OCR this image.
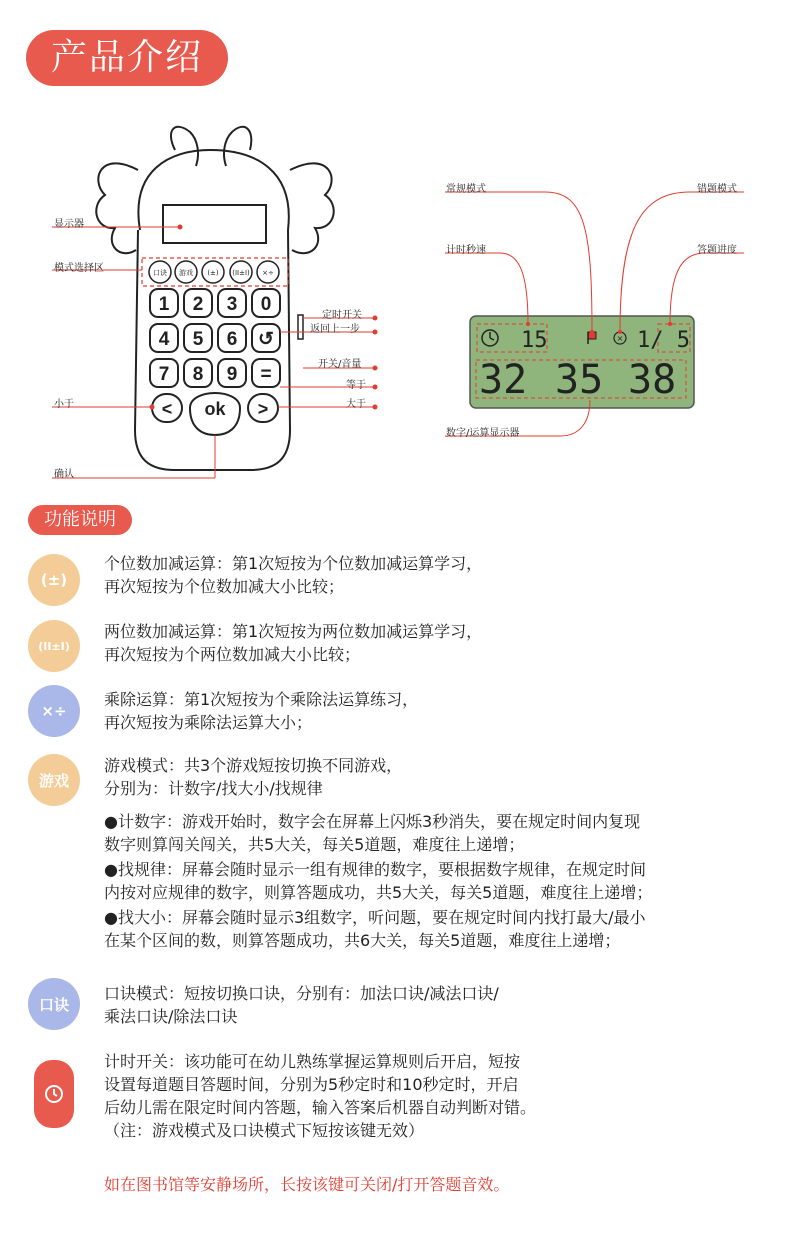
产品介绍
口诀 游戏 (±) (II±I) ×÷
1 2 3 0
4 5 6 ↺
7 8 9 =
< ok >
×
15	1/ 5
32 35 38
显示器
模式选择区
定时开关
返回上一步
开关/音量
等于
小于	大于
确认
常规模式	错题模式
计时秒速	答题进度
数字/运算显示器
功能说明
(±)
个位数加减运算：第1次短按为个位数加减运算学习，
再次短按为个位数加减大小比较；
(II±I)
两位数加减运算：第1次短按为两位数加减运算学习，
再次短按为个两位数加减大小比较；
×÷
乘除运算：第1次短按为个乘除法运算练习，
再次短按为乘除法运算大小；
游戏
游戏模式：共3个游戏短按切换不同游戏，
分别为：计数字/找大小/找规律
口诀
口诀模式：短按切换口诀，分别有：加法口诀/减法口诀/
乘法口诀/除法口诀
计时开关：该功能可在幼儿熟练掌握运算规则后开启，短按
设置每道题目答题时间，分别为5秒定时和10秒定时，开启
后幼儿需在限定时间内答题，输入答案后机器自动判断对错。
（注：游戏模式及口诀模式下短按该键无效）
●计数字：游戏开始时，数字会在屏幕上闪烁3秒消失，要在规定时间内复现
数字则算闯关闯关，共5大关，每关5道题，难度往上递增；
●找规律：屏幕会随时显示一组有规律的数字，要根据数字规律，在规定时间
内按对应规律的数字，则算答题成功，共5大关，每关5道题，难度往上递增；
●找大小：屏幕会随时显示3组数字，听问题，要在规定时间内找打最大/最小
在某个区间的数，则算答题成功，共6大关，每关5道题，难度往上递增；
如在图书馆等安静场所，长按该键可关闭/打开答题音效。
